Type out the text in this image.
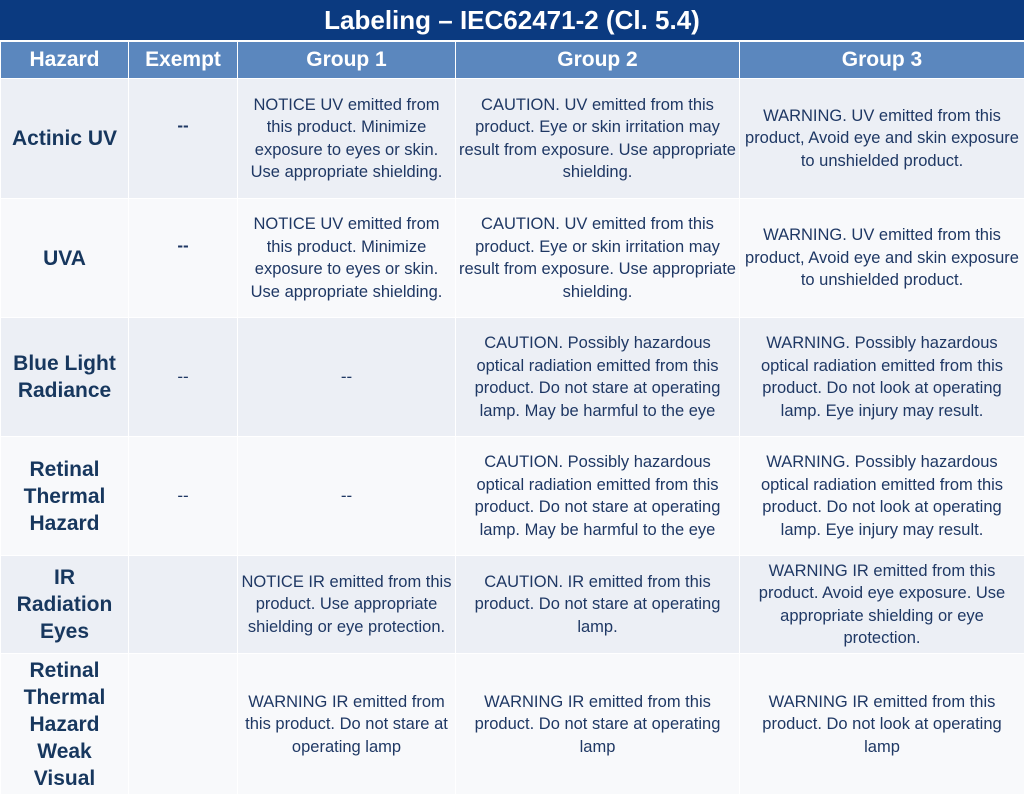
Labeling – IEC62471-2 (Cl. 5.4)
Hazard	Exempt	Group 1	Group 2	Group 3
Actinic UV	--	NOTICE UV emitted from this product. Minimize exposure to eyes or skin. Use appropriate shielding.	CAUTION. UV emitted from this product. Eye or skin irritation may result from exposure. Use appropriate shielding.	WARNING. UV emitted from this product, Avoid eye and skin exposure to unshielded product.
UVA	--	NOTICE UV emitted from this product. Minimize exposure to eyes or skin. Use appropriate shielding.	CAUTION. UV emitted from this product. Eye or skin irritation may result from exposure. Use appropriate shielding.	WARNING. UV emitted from this product, Avoid eye and skin exposure to unshielded product.
Blue Light Radiance	--	--	CAUTION. Possibly hazardous optical radiation emitted from this product. Do not stare at operating lamp. May be harmful to the eye	WARNING. Possibly hazardous optical radiation emitted from this product. Do not look at operating lamp. Eye injury may result.
Retinal Thermal Hazard	--	--	CAUTION. Possibly hazardous optical radiation emitted from this product. Do not stare at operating lamp. May be harmful to the eye	WARNING. Possibly hazardous optical radiation emitted from this product. Do not look at operating lamp. Eye injury may result.
IR Radiation Eyes		NOTICE IR emitted from this product. Use appropriate shielding or eye protection.	CAUTION. IR emitted from this product. Do not stare at operating lamp.	WARNING IR emitted from this product. Avoid eye exposure. Use appropriate shielding or eye protection.
Retinal Thermal Hazard Weak Visual		WARNING IR emitted from this product. Do not stare at operating lamp	WARNING IR emitted from this product. Do not stare at operating lamp	WARNING IR emitted from this product. Do not look at operating lamp
